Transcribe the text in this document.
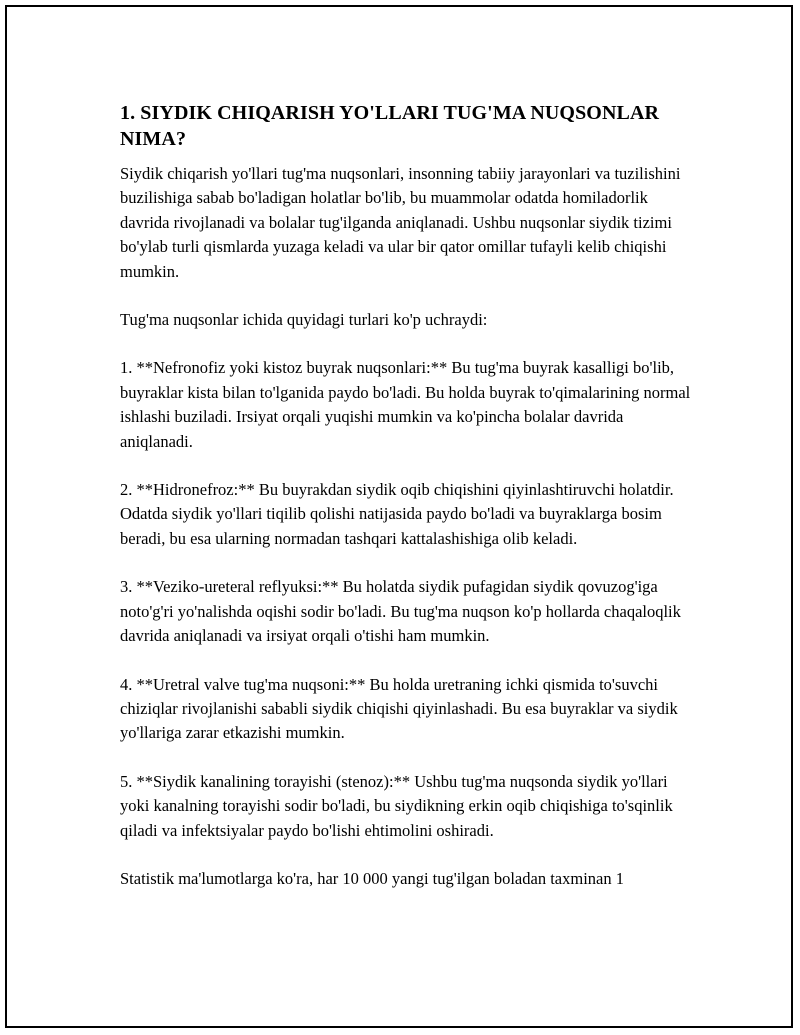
1. SIYDIK CHIQARISH YO'LLARI TUG'MA NUQSONLAR NIMA?

Siydik chiqarish yo'llari tug'ma nuqsonlari, insonning tabiiy jarayonlari va tuzilishini buzilishiga sabab bo'ladigan holatlar bo'lib, bu muammolar odatda homiladorlik davrida rivojlanadi va bolalar tug'ilganda aniqlanadi. Ushbu nuqsonlar siydik tizimi bo'ylab turli qismlarda yuzaga keladi va ular bir qator omillar tufayli kelib chiqishi mumkin.

Tug'ma nuqsonlar ichida quyidagi turlari ko'p uchraydi:

1. **Nefronofiz yoki kistoz buyrak nuqsonlari:** Bu tug'ma buyrak kasalligi bo'lib, buyraklar kista bilan to'lganida paydo bo'ladi. Bu holda buyrak to'qimalarining normal ishlashi buziladi. Irsiyat orqali yuqishi mumkin va ko'pincha bolalar davrida aniqlanadi.

2. **Hidronefroz:** Bu buyrakdan siydik oqib chiqishini qiyinlashtiruvchi holatdir. Odatda siydik yo'llari tiqilib qolishi natijasida paydo bo'ladi va buyraklarga bosim beradi, bu esa ularning normadan tashqari kattalashishiga olib keladi.

3. **Veziko-ureteral reflyuksi:** Bu holatda siydik pufagidan siydik qovuzog'iga noto'g'ri yo'nalishda oqishi sodir bo'ladi. Bu tug'ma nuqson ko'p hollarda chaqaloqlik davrida aniqlanadi va irsiyat orqali o'tishi ham mumkin.

4. **Uretral valve tug'ma nuqsoni:** Bu holda uretraning ichki qismida to'suvchi chiziqlar rivojlanishi sababli siydik chiqishi qiyinlashadi. Bu esa buyraklar va siydik yo'llariga zarar etkazishi mumkin.

5. **Siydik kanalining torayishi (stenoz):** Ushbu tug'ma nuqsonda siydik yo'llari yoki kanalning torayishi sodir bo'ladi, bu siydikning erkin oqib chiqishiga to'sqinlik qiladi va infektsiyalar paydo bo'lishi ehtimolini oshiradi.

Statistik ma'lumotlarga ko'ra, har 10 000 yangi tug'ilgan boladan taxminan 1
